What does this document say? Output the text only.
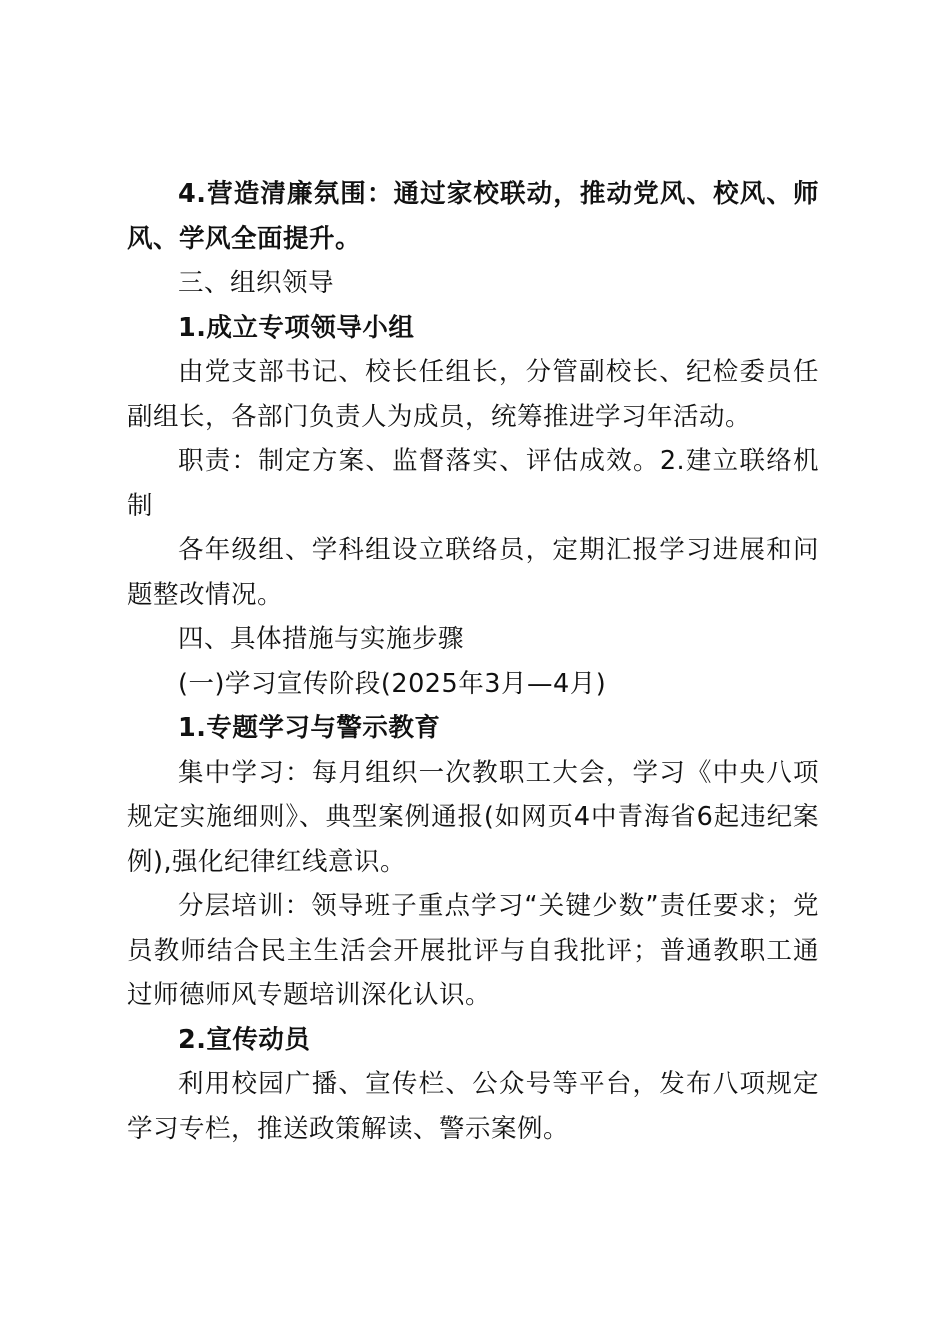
4.营造清廉氛围：通过家校联动，推动党风、校风、师风、学风全面提升。

三、组织领导

1.成立专项领导小组

由党支部书记、校长任组长，分管副校长、纪检委员任副组长，各部门负责人为成员，统筹推进学习年活动。

职责：制定方案、监督落实、评估成效。2.建立联络机制

各年级组、学科组设立联络员，定期汇报学习进展和问题整改情况。

四、具体措施与实施步骤

(一)学习宣传阶段(2025年3月—4月)

1.专题学习与警示教育

集中学习：每月组织一次教职工大会，学习《中央八项规定实施细则》、典型案例通报(如网页4中青海省6起违纪案例),强化纪律红线意识。

分层培训：领导班子重点学习“关键少数”责任要求；党员教师结合民主生活会开展批评与自我批评；普通教职工通过师德师风专题培训深化认识。

2.宣传动员

利用校园广播、宣传栏、公众号等平台，发布八项规定学习专栏，推送政策解读、警示案例。
